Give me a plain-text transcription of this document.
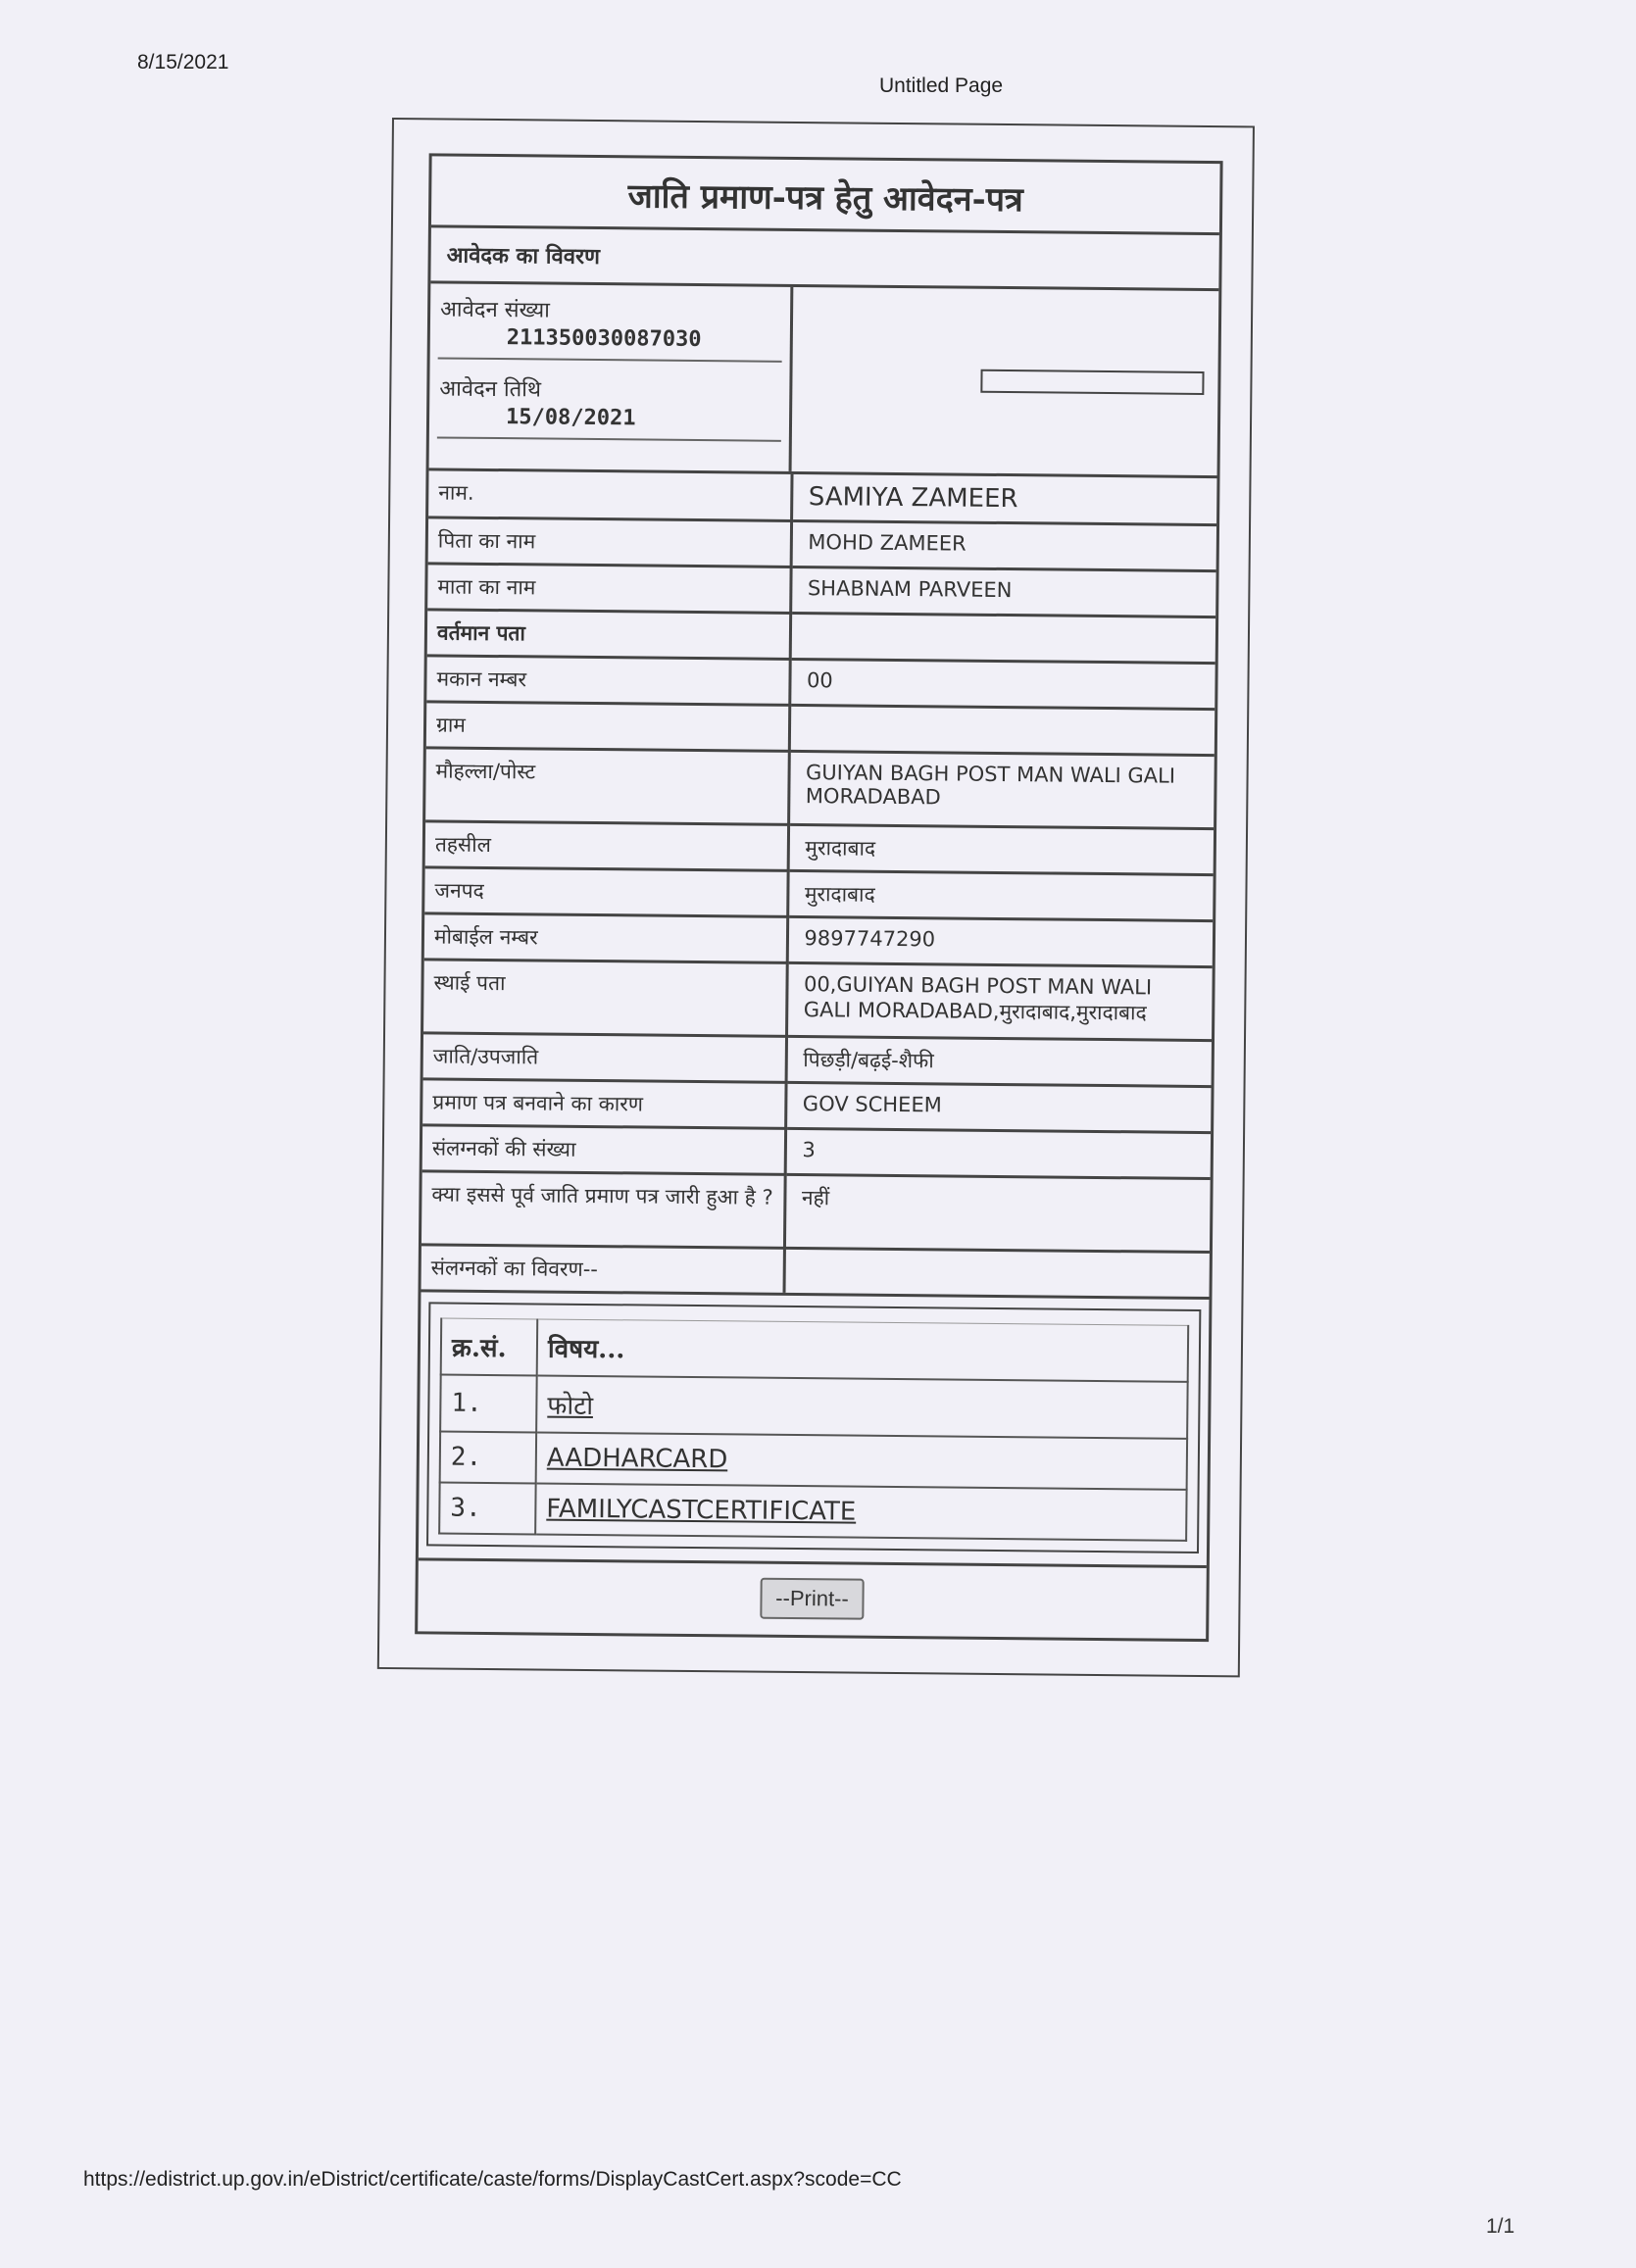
8/15/2021
Untitled Page
जाति प्रमाण-पत्र हेतु आवेदन-पत्र
आवेदक का विवरण
आवेदन संख्या
211350030087030
आवेदन तिथि
15/08/2021
नाम.	SAMIYA ZAMEER
पिता का नाम	MOHD ZAMEER
माता का नाम	SHABNAM PARVEEN
वर्तमान पता	
मकान नम्बर	00
ग्राम	
मौहल्ला/पोस्ट	GUIYAN BAGH POST MAN WALI GALI MORADABAD
तहसील	मुरादाबाद
जनपद	मुरादाबाद
मोबाईल नम्बर	9897747290
स्थाई पता	00,GUIYAN BAGH POST MAN WALI GALI MORADABAD,मुरादाबाद,मुरादाबाद
जाति/उपजाति	पिछड़ी/बढ़ई-शैफी
प्रमाण पत्र बनवाने का कारण	GOV SCHEEM
संलग्नकों की संख्या	3
क्या इससे पूर्व जाति प्रमाण पत्र जारी हुआ है ?	नहीं
संलग्नकों का विवरण--	
क्र.सं.	विषय...
1.	फोटो
2.	AADHARCARD
3.	FAMILYCASTCERTIFICATE
--Print--
https://edistrict.up.gov.in/eDistrict/certificate/caste/forms/DisplayCastCert.aspx?scode=CC
1/1
